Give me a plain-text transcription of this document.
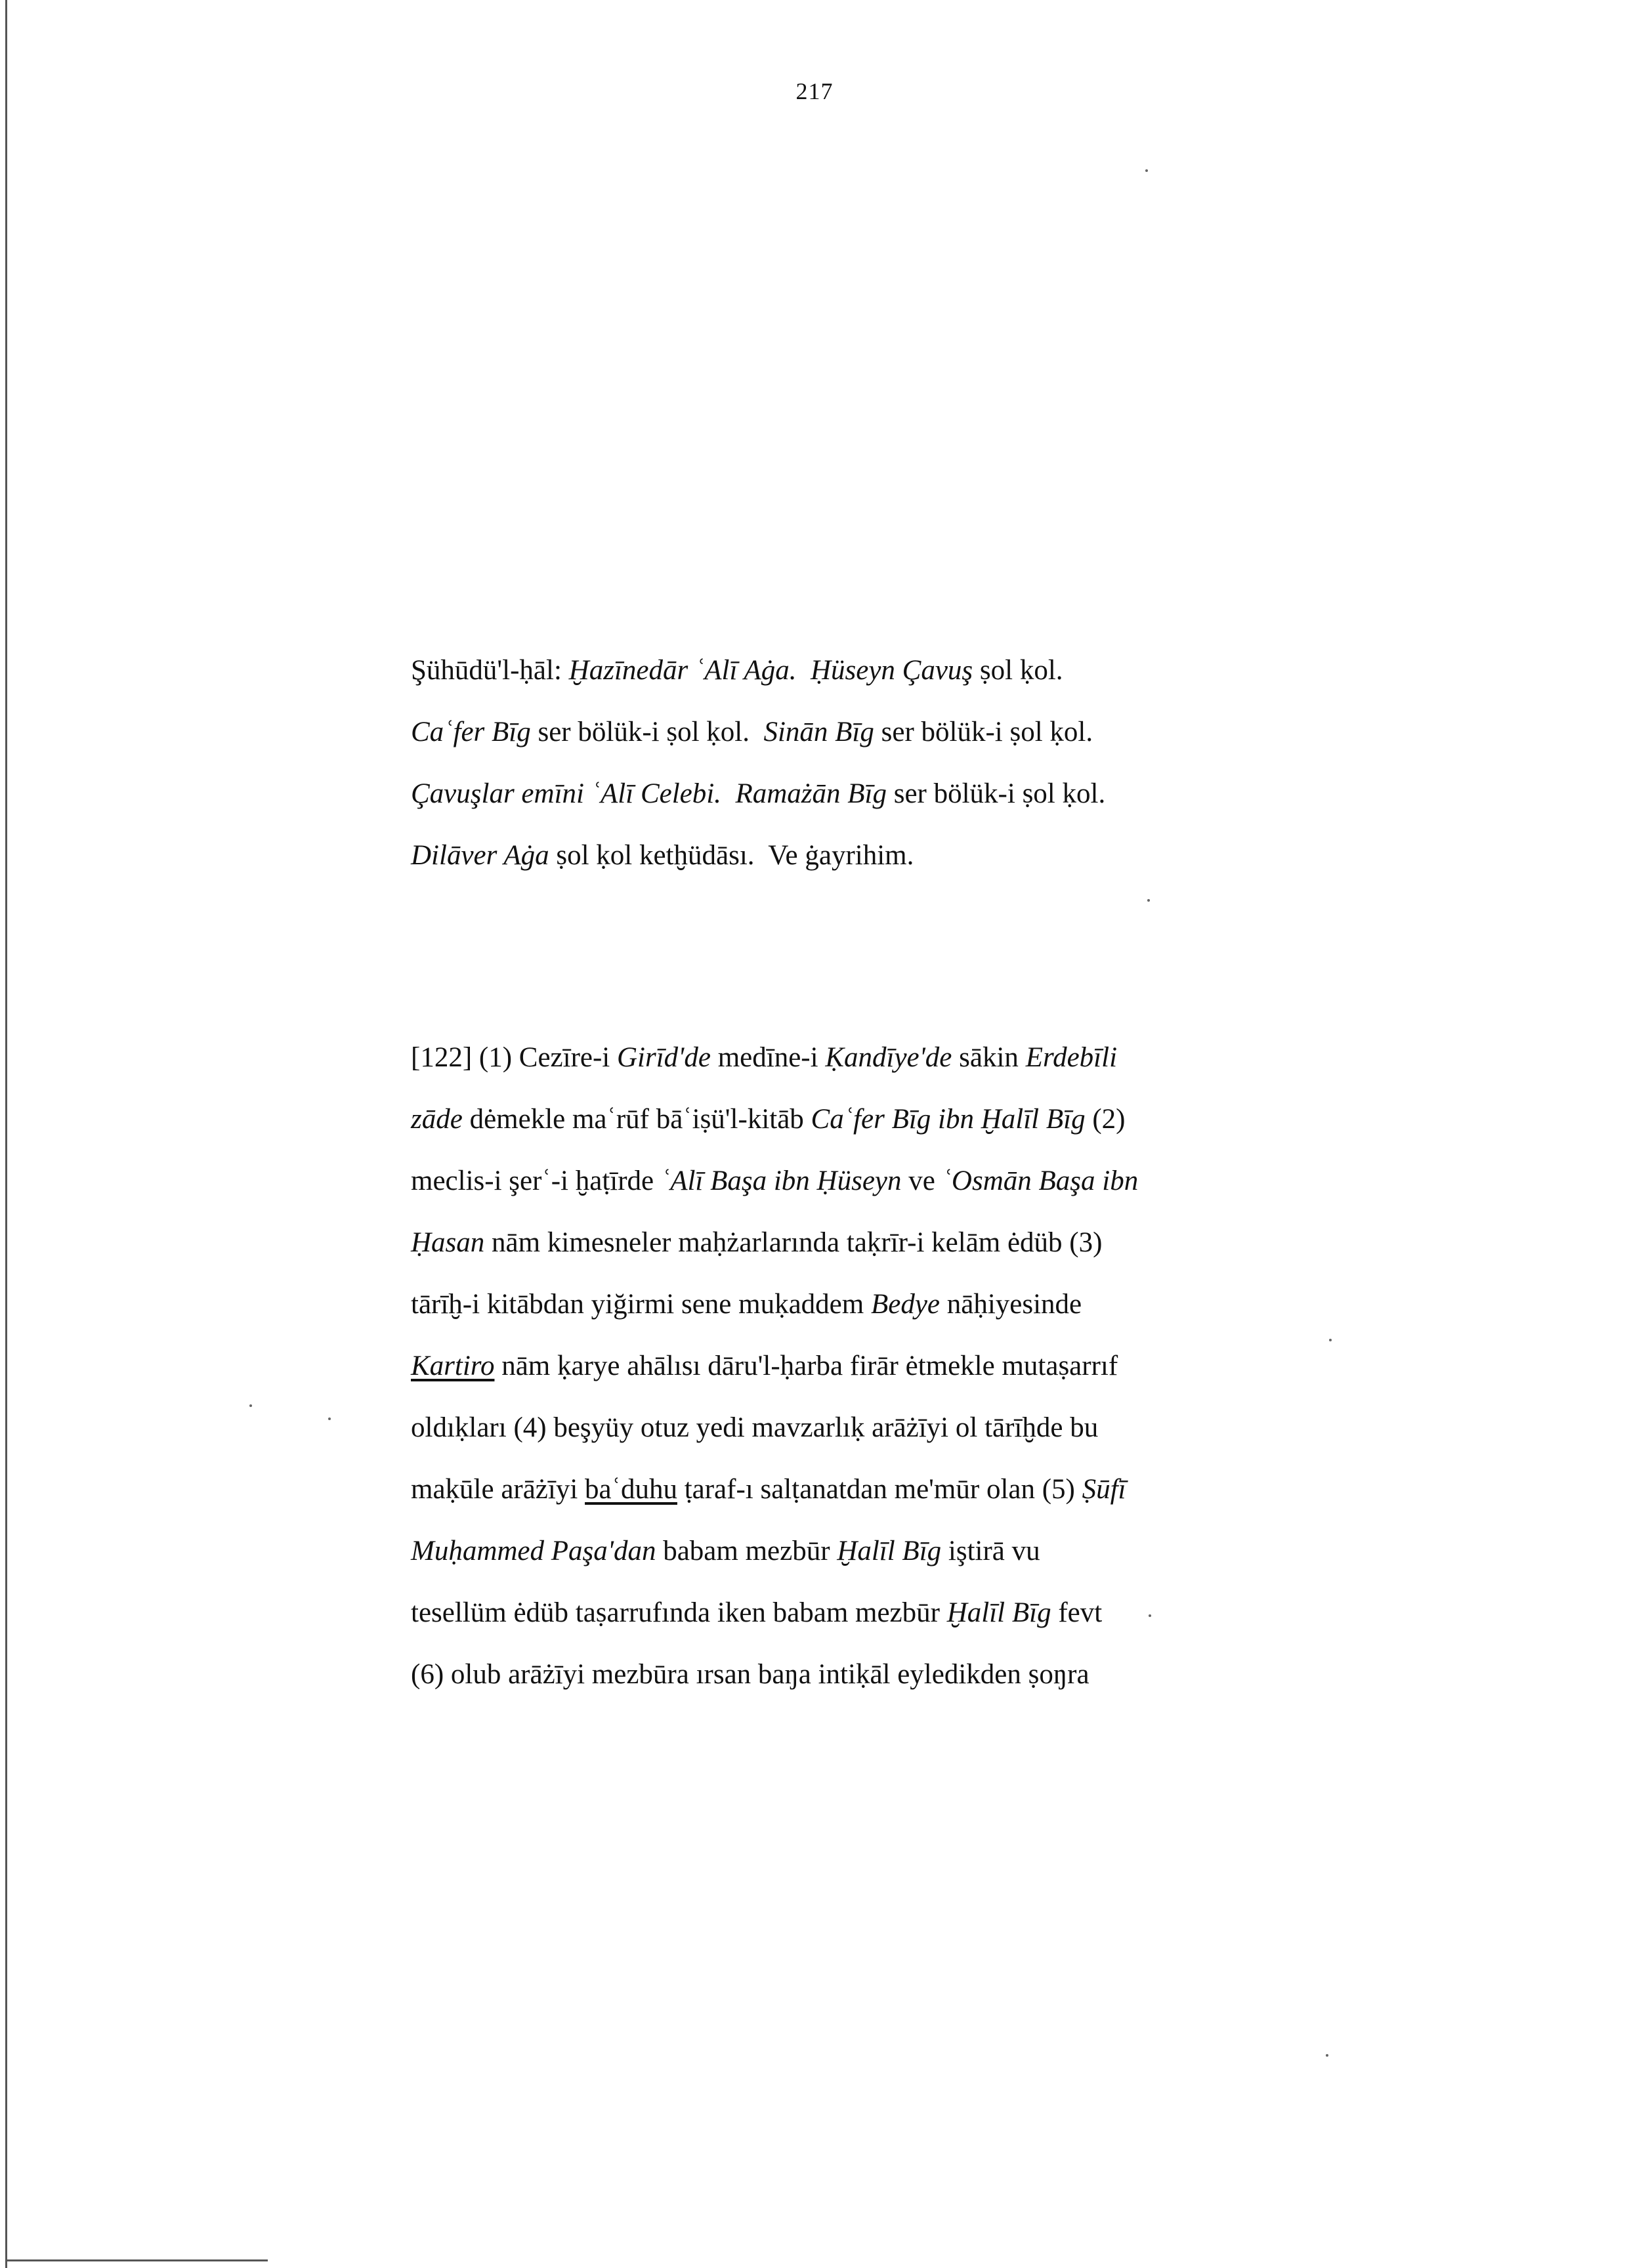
217
Şühūdü'l-ḥāl: Ḫazīnedār ʿAlī Aġa. Ḥüseyn Çavuş ṣol ḳol.
Caʿfer Bīg ser bölük-i ṣol ḳol.  Sinān Bīg ser bölük-i ṣol ḳol.
Çavuşlar emīni ʿAlī Celebi. Ramażān Bīg ser bölük-i ṣol ḳol.
Dilāver Aġa ṣol ḳol ketḫüdāsı.  Ve ġayrihim.
[122] (1) Cezīre-i Girīd'de medīne-i Ḳandīye'de sākin Erdebīli
zāde dėmekle maʿrūf bāʿiṣü'l-kitāb Caʿfer Bīg ibn Ḫalīl Bīg (2)
meclis-i şerʿ-i ḫaṭīrde ʿAlī Başa ibn Ḥüseyn ve ʿOsmān Başa ibn
Ḥasan nām kimesneler maḥżarlarında taḳrīr-i kelām ėdüb (3)
tārīḫ-i kitābdan yiğirmi sene muḳaddem Bedye nāḥiyesinde
Kartiro nām ḳarye ahālısı dāru'l-ḥarba firār ėtmekle mutaṣarrıf
oldıḳları (4) beşyüy otuz yedi mavzarlıḳ arāżīyi ol tārīḫde bu
maḳūle arāżīyi baʿduhu ṭaraf-ı salṭanatdan me'mūr olan (5) Ṣūfī
Muḥammed Paşa'dan babam mezbūr Ḫalīl Bīg iştirā vu
tesellüm ėdüb taṣarrufında iken babam mezbūr Ḫalīl Bīg fevt
(6) olub arāżīyi mezbūra ırsan baŋa intiḳāl eyledikden ṣoŋra
